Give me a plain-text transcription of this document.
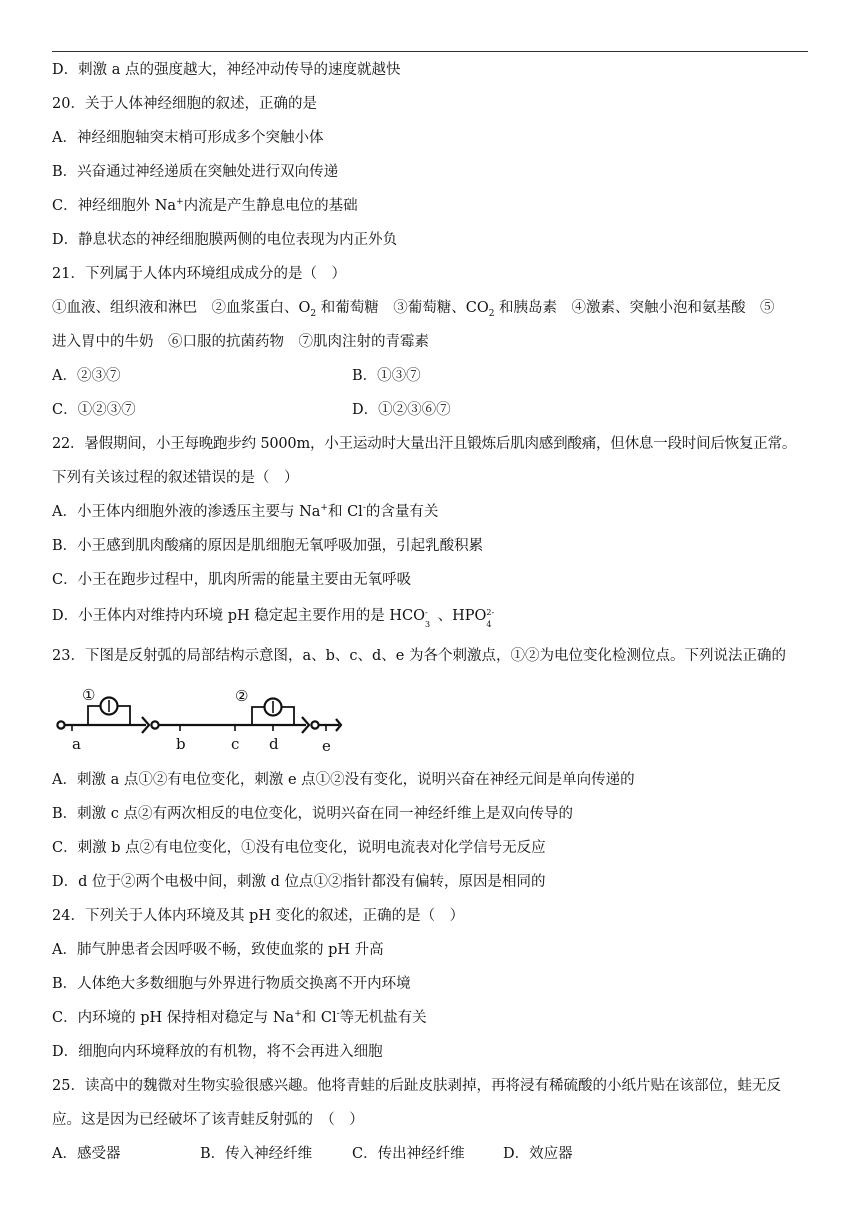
D．刺激 a 点的强度越大，神经冲动传导的速度就越快
20．关于人体神经细胞的叙述，正确的是
A．神经细胞轴突末梢可形成多个突触小体
B．兴奋通过神经递质在突触处进行双向传递
C．神经细胞外 Na+内流是产生静息电位的基础
D．静息状态的神经细胞膜两侧的电位表现为内正外负
21．下列属于人体内环境组成成分的是（　）
①血液、组织液和淋巴　②血浆蛋白、$O_2$ 和葡萄糖　③葡萄糖、$CO_2$ 和胰岛素　④激素、突触小泡和氨基酸　⑤
进入胃中的牛奶　⑥口服的抗菌药物　⑦肌肉注射的青霉素
A．②③⑦	B．①③⑦
C．①②③⑦	D．①②③⑥⑦
22．暑假期间，小王每晚跑步约 5000m，小王运动时大量出汗且锻炼后肌肉感到酸痛，但休息一段时间后恢复正常。
下列有关该过程的叙述错误的是（　）
A．小王体内细胞外液的渗透压主要与 Na+和 Cl-的含量有关
B．小王感到肌肉酸痛的原因是肌细胞无氧呼吸加强，引起乳酸积累
C．小王在跑步过程中，肌肉所需的能量主要由无氧呼吸
D．小王体内对维持内环境 pH 稳定起主要作用的是 HCO -
3
、HPO 2-
4
23．下图是反射弧的局部结构示意图，a、b、c、d、e 为各个刺激点，①②为电位变化检测位点。下列说法正确的
①	②
a	b	c d	e
A．刺激 a 点①②有电位变化，刺激 e 点①②没有变化，说明兴奋在神经元间是单向传递的
B．刺激 c 点②有两次相反的电位变化，说明兴奋在同一神经纤维上是双向传导的
C．刺激 b 点②有电位变化，①没有电位变化，说明电流表对化学信号无反应
D．d 位于②两个电极中间，刺激 d 位点①②指针都没有偏转，原因是相同的
24．下列关于人体内环境及其 pH 变化的叙述，正确的是（　）
A．肺气肿患者会因呼吸不畅，致使血浆的 pH 升高
B．人体绝大多数细胞与外界进行物质交换离不开内环境
C．内环境的 pH 保持相对稳定与 Na+和 Cl-等无机盐有关
D．细胞向内环境释放的有机物，将不会再进入细胞
25．读高中的魏微对生物实验很感兴趣。他将青蛙的后趾皮肤剥掉，再将浸有稀硫酸的小纸片贴在该部位，蛙无反
应。这是因为已经破坏了该青蛙反射弧的　（　）
A．感受器	B．传入神经纤维	C．传出神经纤维	D．效应器
